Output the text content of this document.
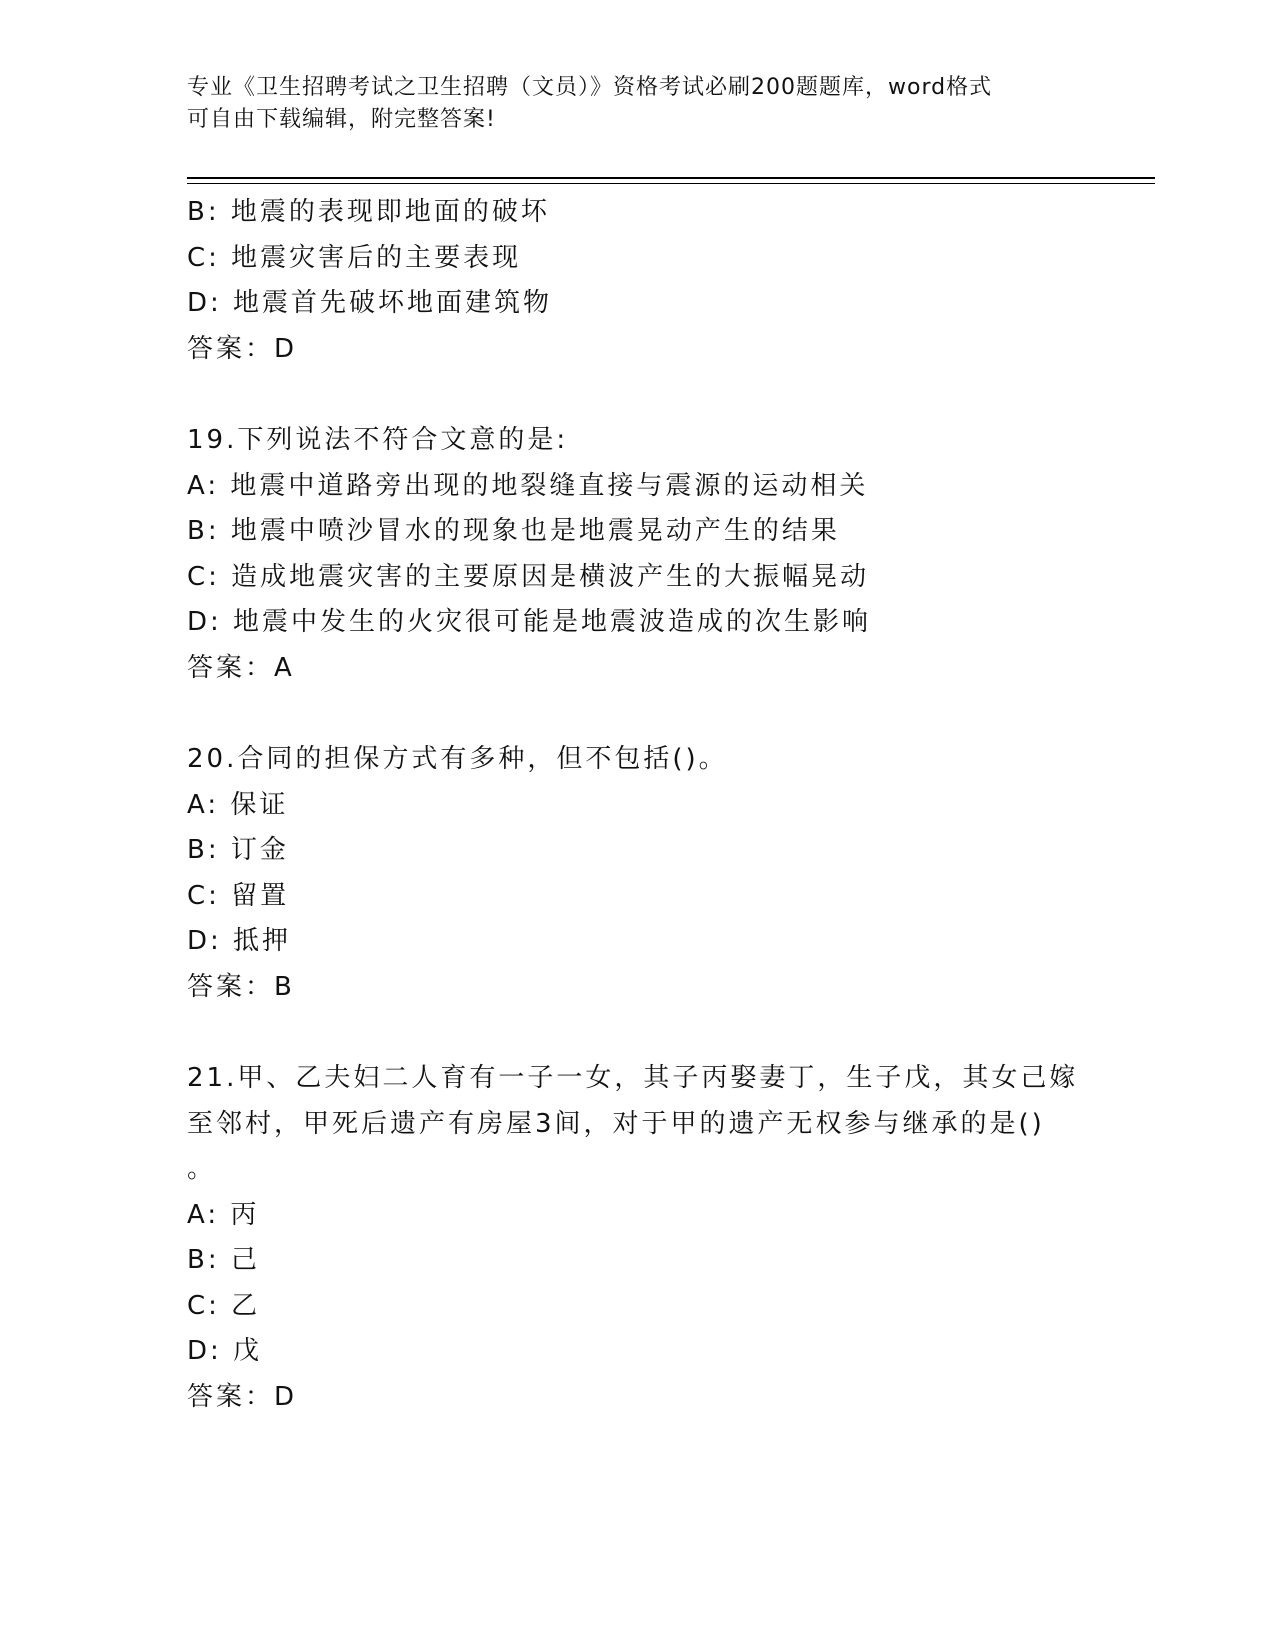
专业《卫生招聘考试之卫生招聘（文员）》资格考试必刷200题题库，word格式
可自由下载编辑，附完整答案!
B: 地震的表现即地面的破坏
C: 地震灾害后的主要表现
D: 地震首先破坏地面建筑物
答案：D
19.下列说法不符合文意的是:
A: 地震中道路旁出现的地裂缝直接与震源的运动相关
B: 地震中喷沙冒水的现象也是地震晃动产生的结果
C: 造成地震灾害的主要原因是横波产生的大振幅晃动
D: 地震中发生的火灾很可能是地震波造成的次生影响
答案：A
20.合同的担保方式有多种，但不包括()。
A: 保证
B: 订金
C: 留置
D: 抵押
答案：B
21.甲、乙夫妇二人育有一子一女，其子丙娶妻丁，生子戊，其女己嫁
至邻村，甲死后遗产有房屋3间，对于甲的遗产无权参与继承的是()
。
A: 丙
B: 己
C: 乙
D: 戊
答案：D
